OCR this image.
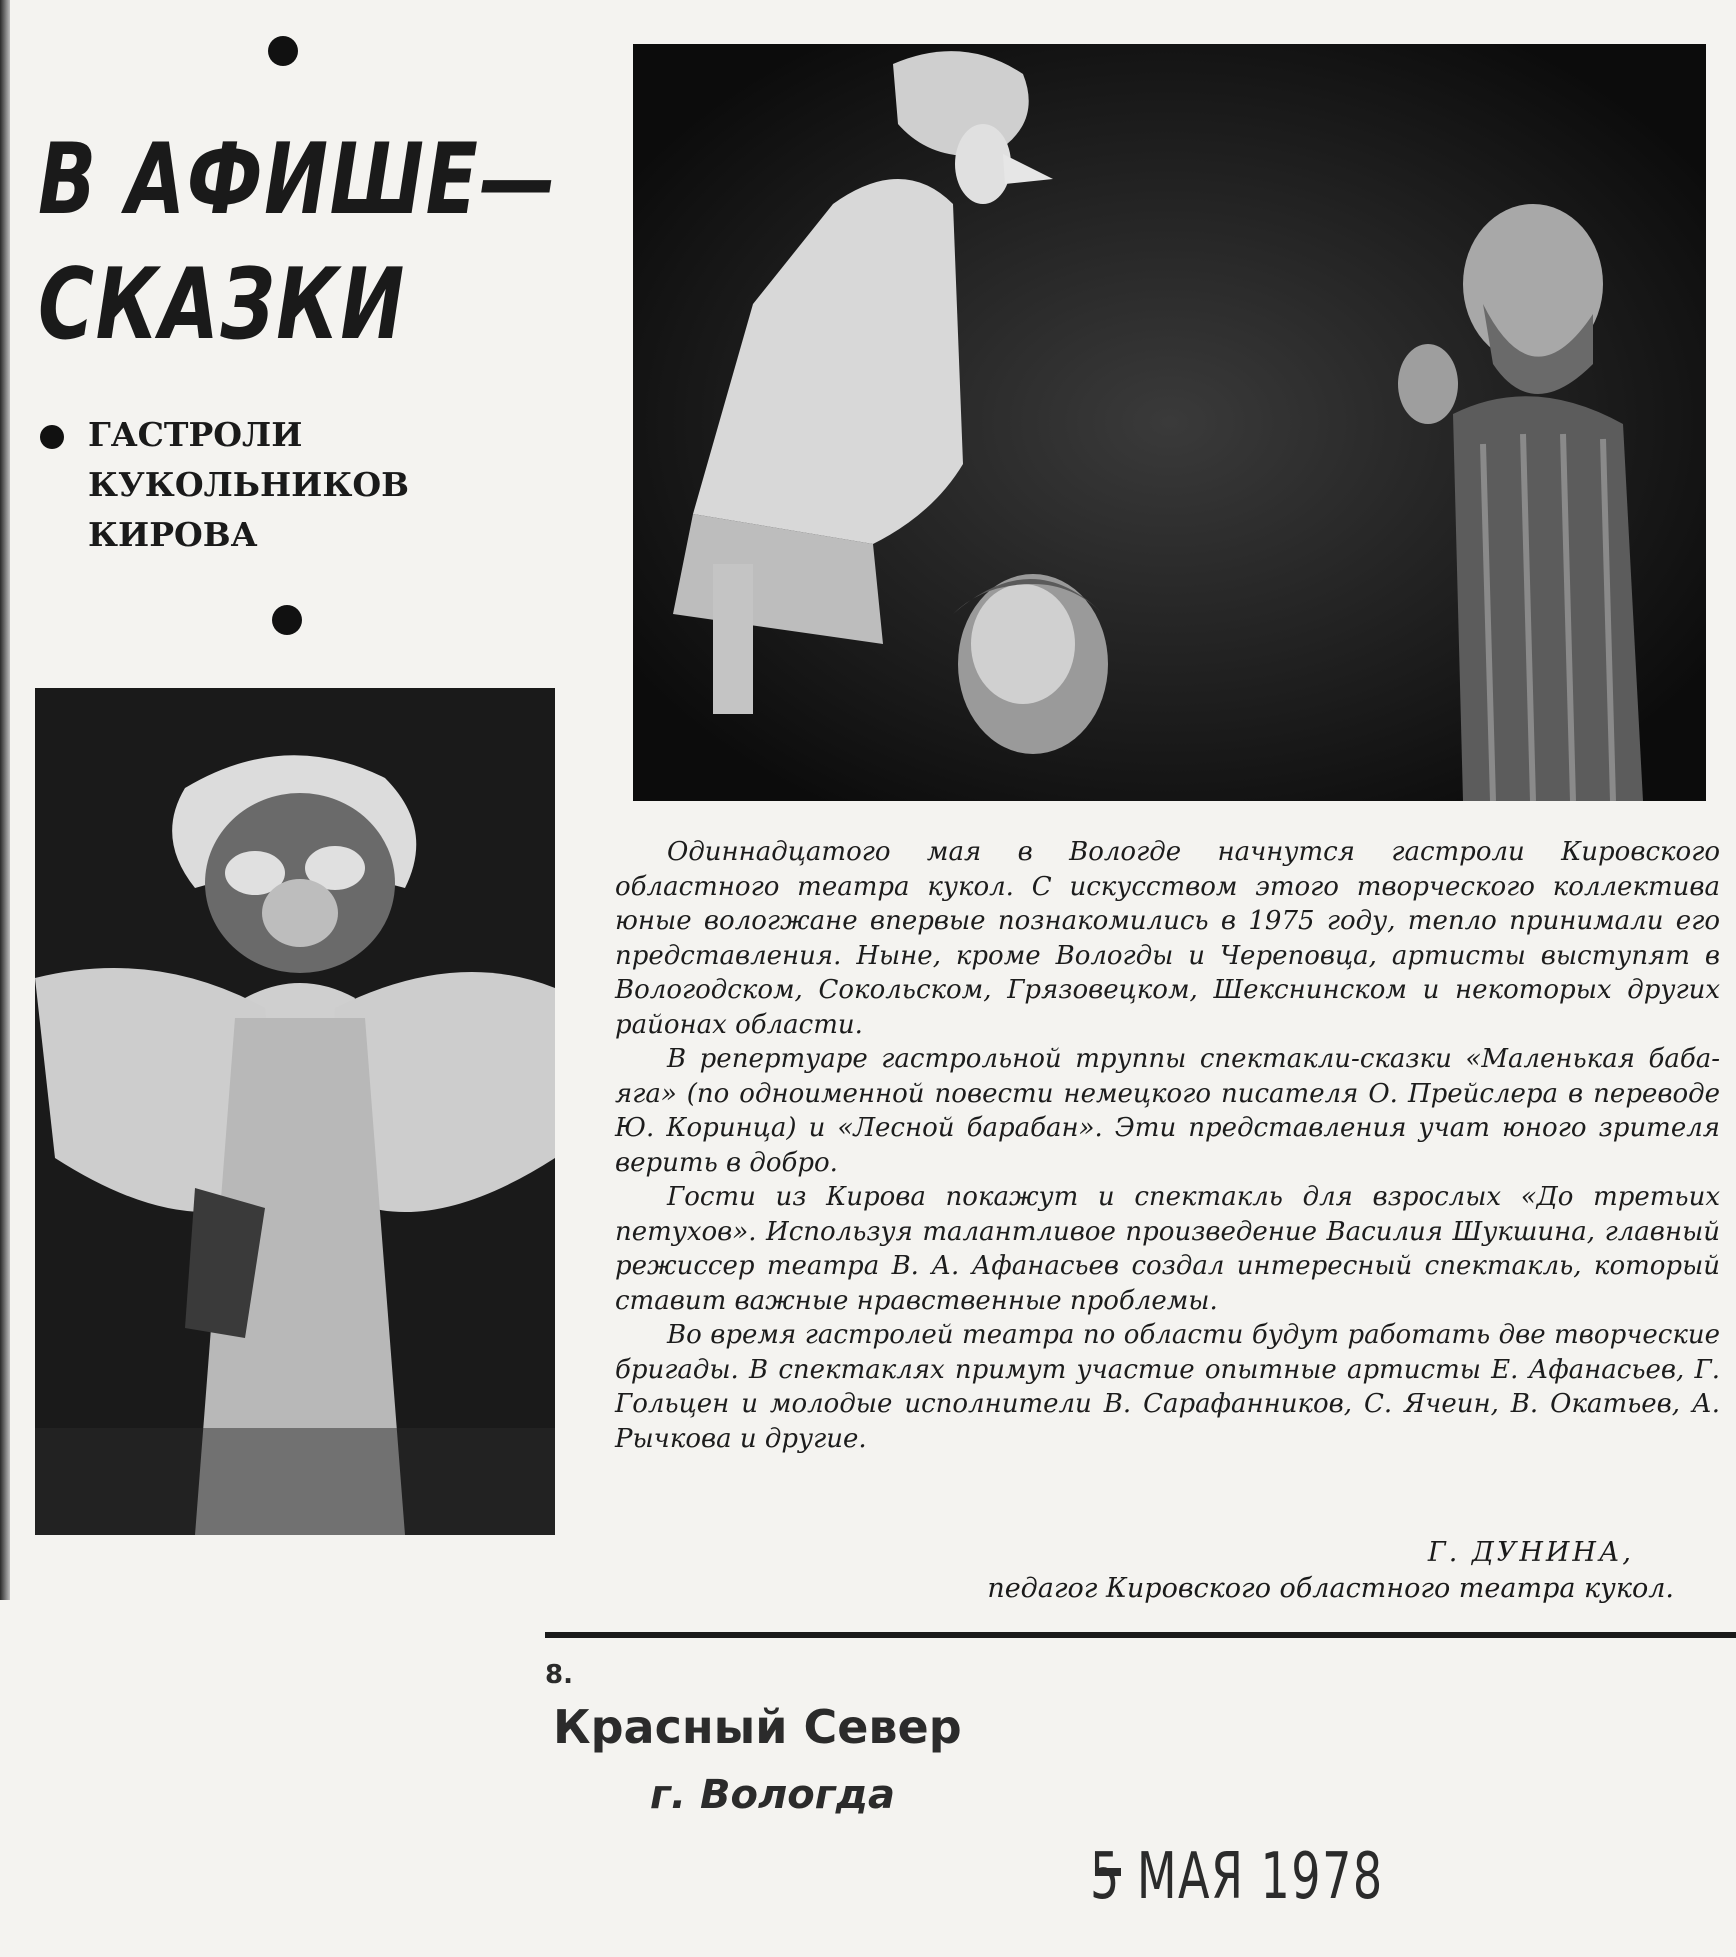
В АФИШЕ—
СКАЗКИ
ГАСТРОЛИ
КУКОЛЬНИКОВ
КИРОВА

Одиннадцатого мая в Вологде начнутся гастроли Кировского областного театра кукол. С искусством этого творческого коллектива юные вологжане впервые познакомились в 1975 году, тепло принимали его представления. Ныне, кроме Вологды и Череповца, артисты выступят в Вологодском, Сокольском, Грязовецком, Шекснинском и некоторых других районах области.

В репертуаре гастрольной труппы спектакли-сказки «Маленькая баба-яга» (по одноименной повести немецкого писателя О. Прейслера в переводе Ю. Коринца) и «Лесной барабан». Эти представления учат юного зрителя верить в добро.

Гости из Кирова покажут и спектакль для взрослых «До третьих петухов». Используя талантливое произведение Василия Шукшина, главный режиссер театра В. А. Афанасьев создал интересный спектакль, который ставит важные нравственные проблемы.

Во время гастролей театра по области будут работать две творческие бригады. В спектаклях примут участие опытные артисты Е. Афанасьев, Г. Гольцен и молодые исполнители В. Сарафанников, С. Ячеин, В. Окатьев, А. Рычкова и другие.

Г. ДУНИНА,
педагог Кировского областного театра кукол.
8.
Красный Север
г. Вологда
5 МАЯ 1978
